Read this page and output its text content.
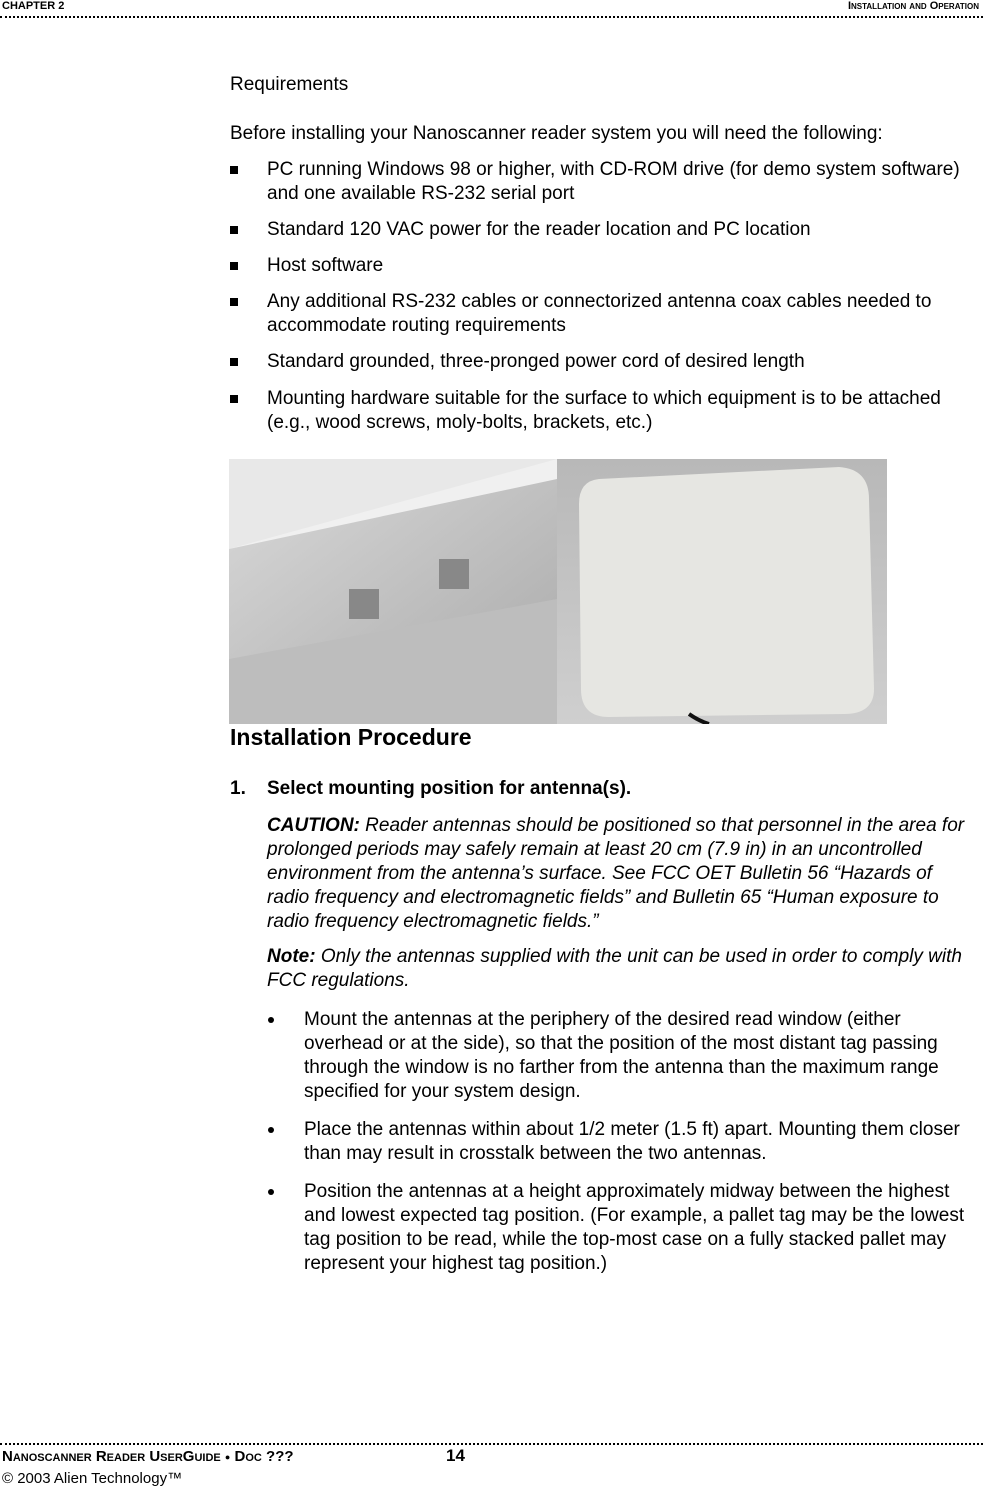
CHAPTER 2	Installation and Operation
Requirements
Before installing your Nanoscanner reader system you will need the following:
PC running Windows 98 or higher, with CD-ROM drive (for demo system software) and one available RS-232 serial port
Standard 120 VAC power for the reader location and PC location
Host software
Any additional RS-232 cables or connectorized antenna coax cables needed to accommodate routing requirements
Standard grounded, three-pronged power cord of desired length
Mounting hardware suitable for the surface to which equipment is to be attached (e.g., wood screws, moly-bolts, brackets, etc.)
Installation Procedure
1. Select mounting position for antenna(s).
CAUTION: Reader antennas should be positioned so that personnel in the area for prolonged periods may safely remain at least 20 cm (7.9 in) in an uncontrolled environment from the antenna’s surface. See FCC OET Bulletin 56 “Hazards of radio frequency and electromagnetic fields” and Bulletin 65 “Human exposure to radio frequency electromagnetic fields.”
Note: Only the antennas supplied with the unit can be used in order to comply with FCC regulations.
Mount the antennas at the periphery of the desired read window (either overhead or at the side), so that the position of the most distant tag passing through the window is no farther from the antenna than the maximum range specified for your system design.
Place the antennas within about 1/2 meter (1.5 ft) apart. Mounting them closer than may result in crosstalk between the two antennas.
Position the antennas at a height approximately midway between the highest and lowest expected tag position. (For example, a pallet tag may be the lowest tag position to be read, while the top-most case on a fully stacked pallet may represent your highest tag position.)
Nanoscanner Reader UserGuide ● Doc ???	14
© 2003 Alien Technology™
